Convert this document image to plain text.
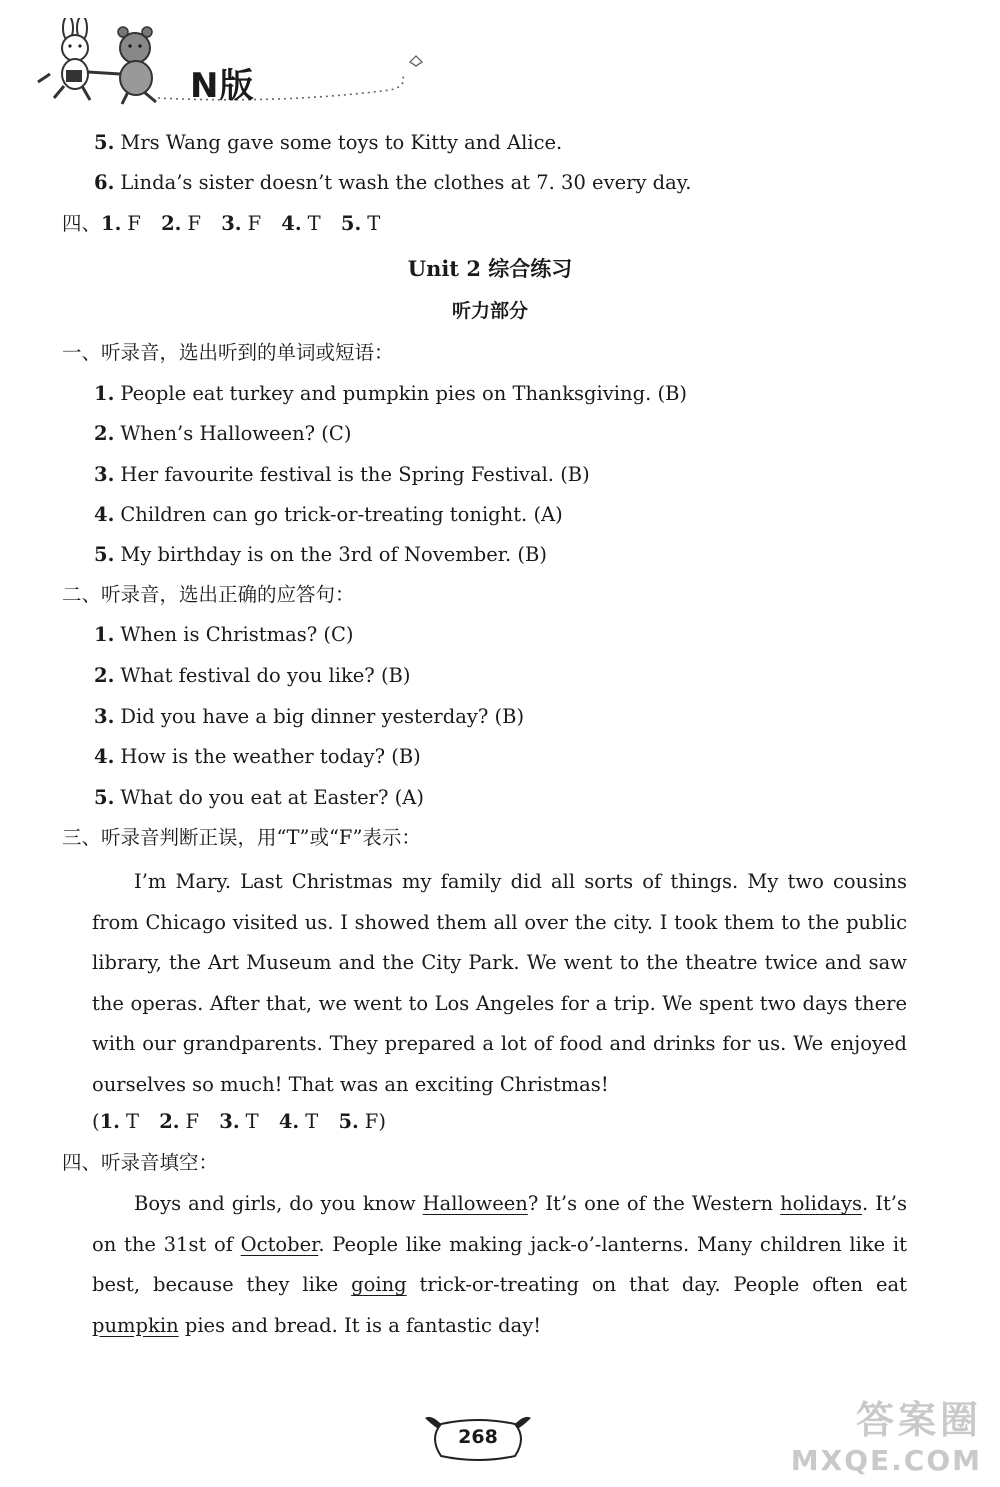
N版
5. Mrs Wang gave some toys to Kitty and Alice.
6. Linda’s sister doesn’t wash the clothes at 7. 30 every day.
四、1. F 2. F 3. F 4. T 5. T
Unit 2 综合练习
听力部分
一、听录音，选出听到的单词或短语：
1. People eat turkey and pumpkin pies on Thanksgiving. (B)
2. When’s Halloween? (C)
3. Her favourite festival is the Spring Festival. (B)
4. Children can go trick-or-treating tonight. (A)
5. My birthday is on the 3rd of November. (B)
二、听录音，选出正确的应答句：
1. When is Christmas? (C)
2. What festival do you like? (B)
3. Did you have a big dinner yesterday? (B)
4. How is the weather today? (B)
5. What do you eat at Easter? (A)
三、听录音判断正误，用“T”或“F”表示：

I’m Mary. Last Christmas my family did all sorts of things. My two cousins from Chicago visited us. I showed them all over the city. I took them to the public library, the Art Museum and the City Park. We went to the theatre twice and saw the operas. After that, we went to Los Angeles for a trip. We spent two days there with our grandparents. They prepared a lot of food and drinks for us. We enjoyed ourselves so much! That was an exciting Christmas!

(1. T 2. F 3. T 4. T 5. F)
四、听录音填空：

Boys and girls, do you know Halloween? It’s one of the Western holidays. It’s on the 31st of October. People like making jack-o’-lanterns. Many children like it best, because they like going trick-or-treating on that day. People often eat pumpkin pies and bread. It is a fantastic day!

268	答案圈
MXQE.COM
